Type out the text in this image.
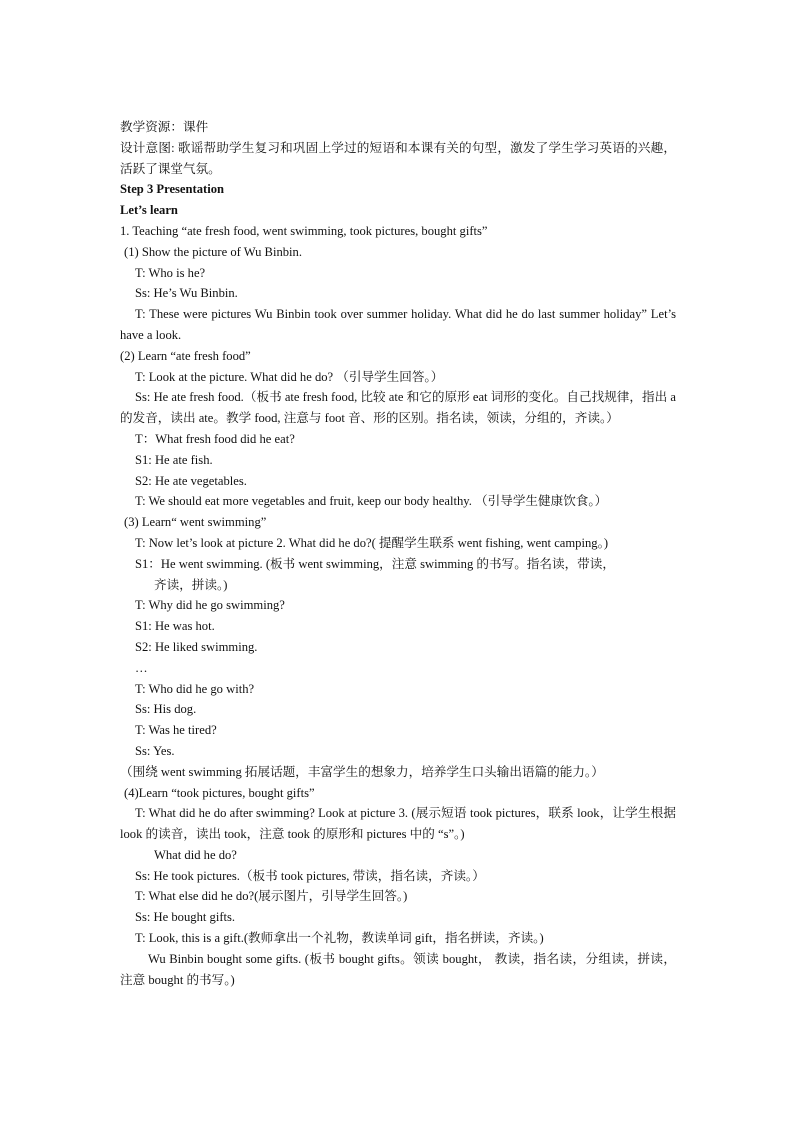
教学资源：课件
设计意图: 歌谣帮助学生复习和巩固上学过的短语和本课有关的句型，激发了学生学习英语的兴趣，活跃了课堂气氛。
Step 3 Presentation
Let’s learn
1. Teaching “ate fresh food, went swimming, took pictures, bought gifts”
(1) Show the picture of Wu Binbin.
T: Who is he?
Ss: He’s Wu Binbin.
T: These were pictures Wu Binbin took over summer holiday. What did he do last summer holiday” Let’s have a look.
(2) Learn “ate fresh food”
T: Look at the picture. What did he do? （引导学生回答。）
Ss: He ate fresh food.（板书 ate fresh food, 比较 ate 和它的原形 eat 词形的变化。自己找规律，指出 a 的发音，读出 ate。教学 food, 注意与 foot 音、形的区别。指名读，领读，分组的，齐读。）
T：What fresh food did he eat?
S1: He ate fish.
S2: He ate vegetables.
T: We should eat more vegetables and fruit, keep our body healthy. （引导学生健康饮食。）
(3) Learn“ went swimming”
T: Now let’s look at picture 2. What did he do?( 提醒学生联系 went fishing, went camping。)
S1：He went swimming. (板书 went swimming，注意 swimming 的书写。指名读，带读，
齐读，拼读。)
T: Why did he go swimming?
S1: He was hot.
S2: He liked swimming.
…
T: Who did he go with?
Ss: His dog.
T: Was he tired?
Ss: Yes.
（围绕 went swimming 拓展话题，丰富学生的想象力，培养学生口头输出语篇的能力。）
(4)Learn “took pictures, bought gifts”
T: What did he do after swimming? Look at picture 3. (展示短语 took pictures，联系 look，让学生根据 look 的读音，读出 took，注意 took 的原形和 pictures 中的 “s”。)
What did he do?
Ss: He took pictures.（板书 took pictures, 带读，指名读，齐读。）
T: What else did he do?(展示图片，引导学生回答。)
Ss: He bought gifts.
T: Look, this is a gift.(教师拿出一个礼物，教读单词 gift，指名拼读，齐读。)
Wu Binbin bought some gifts. (板书 bought gifts。领读 bought， 教读，指名读，分组读，拼读，注意 bought 的书写。)
